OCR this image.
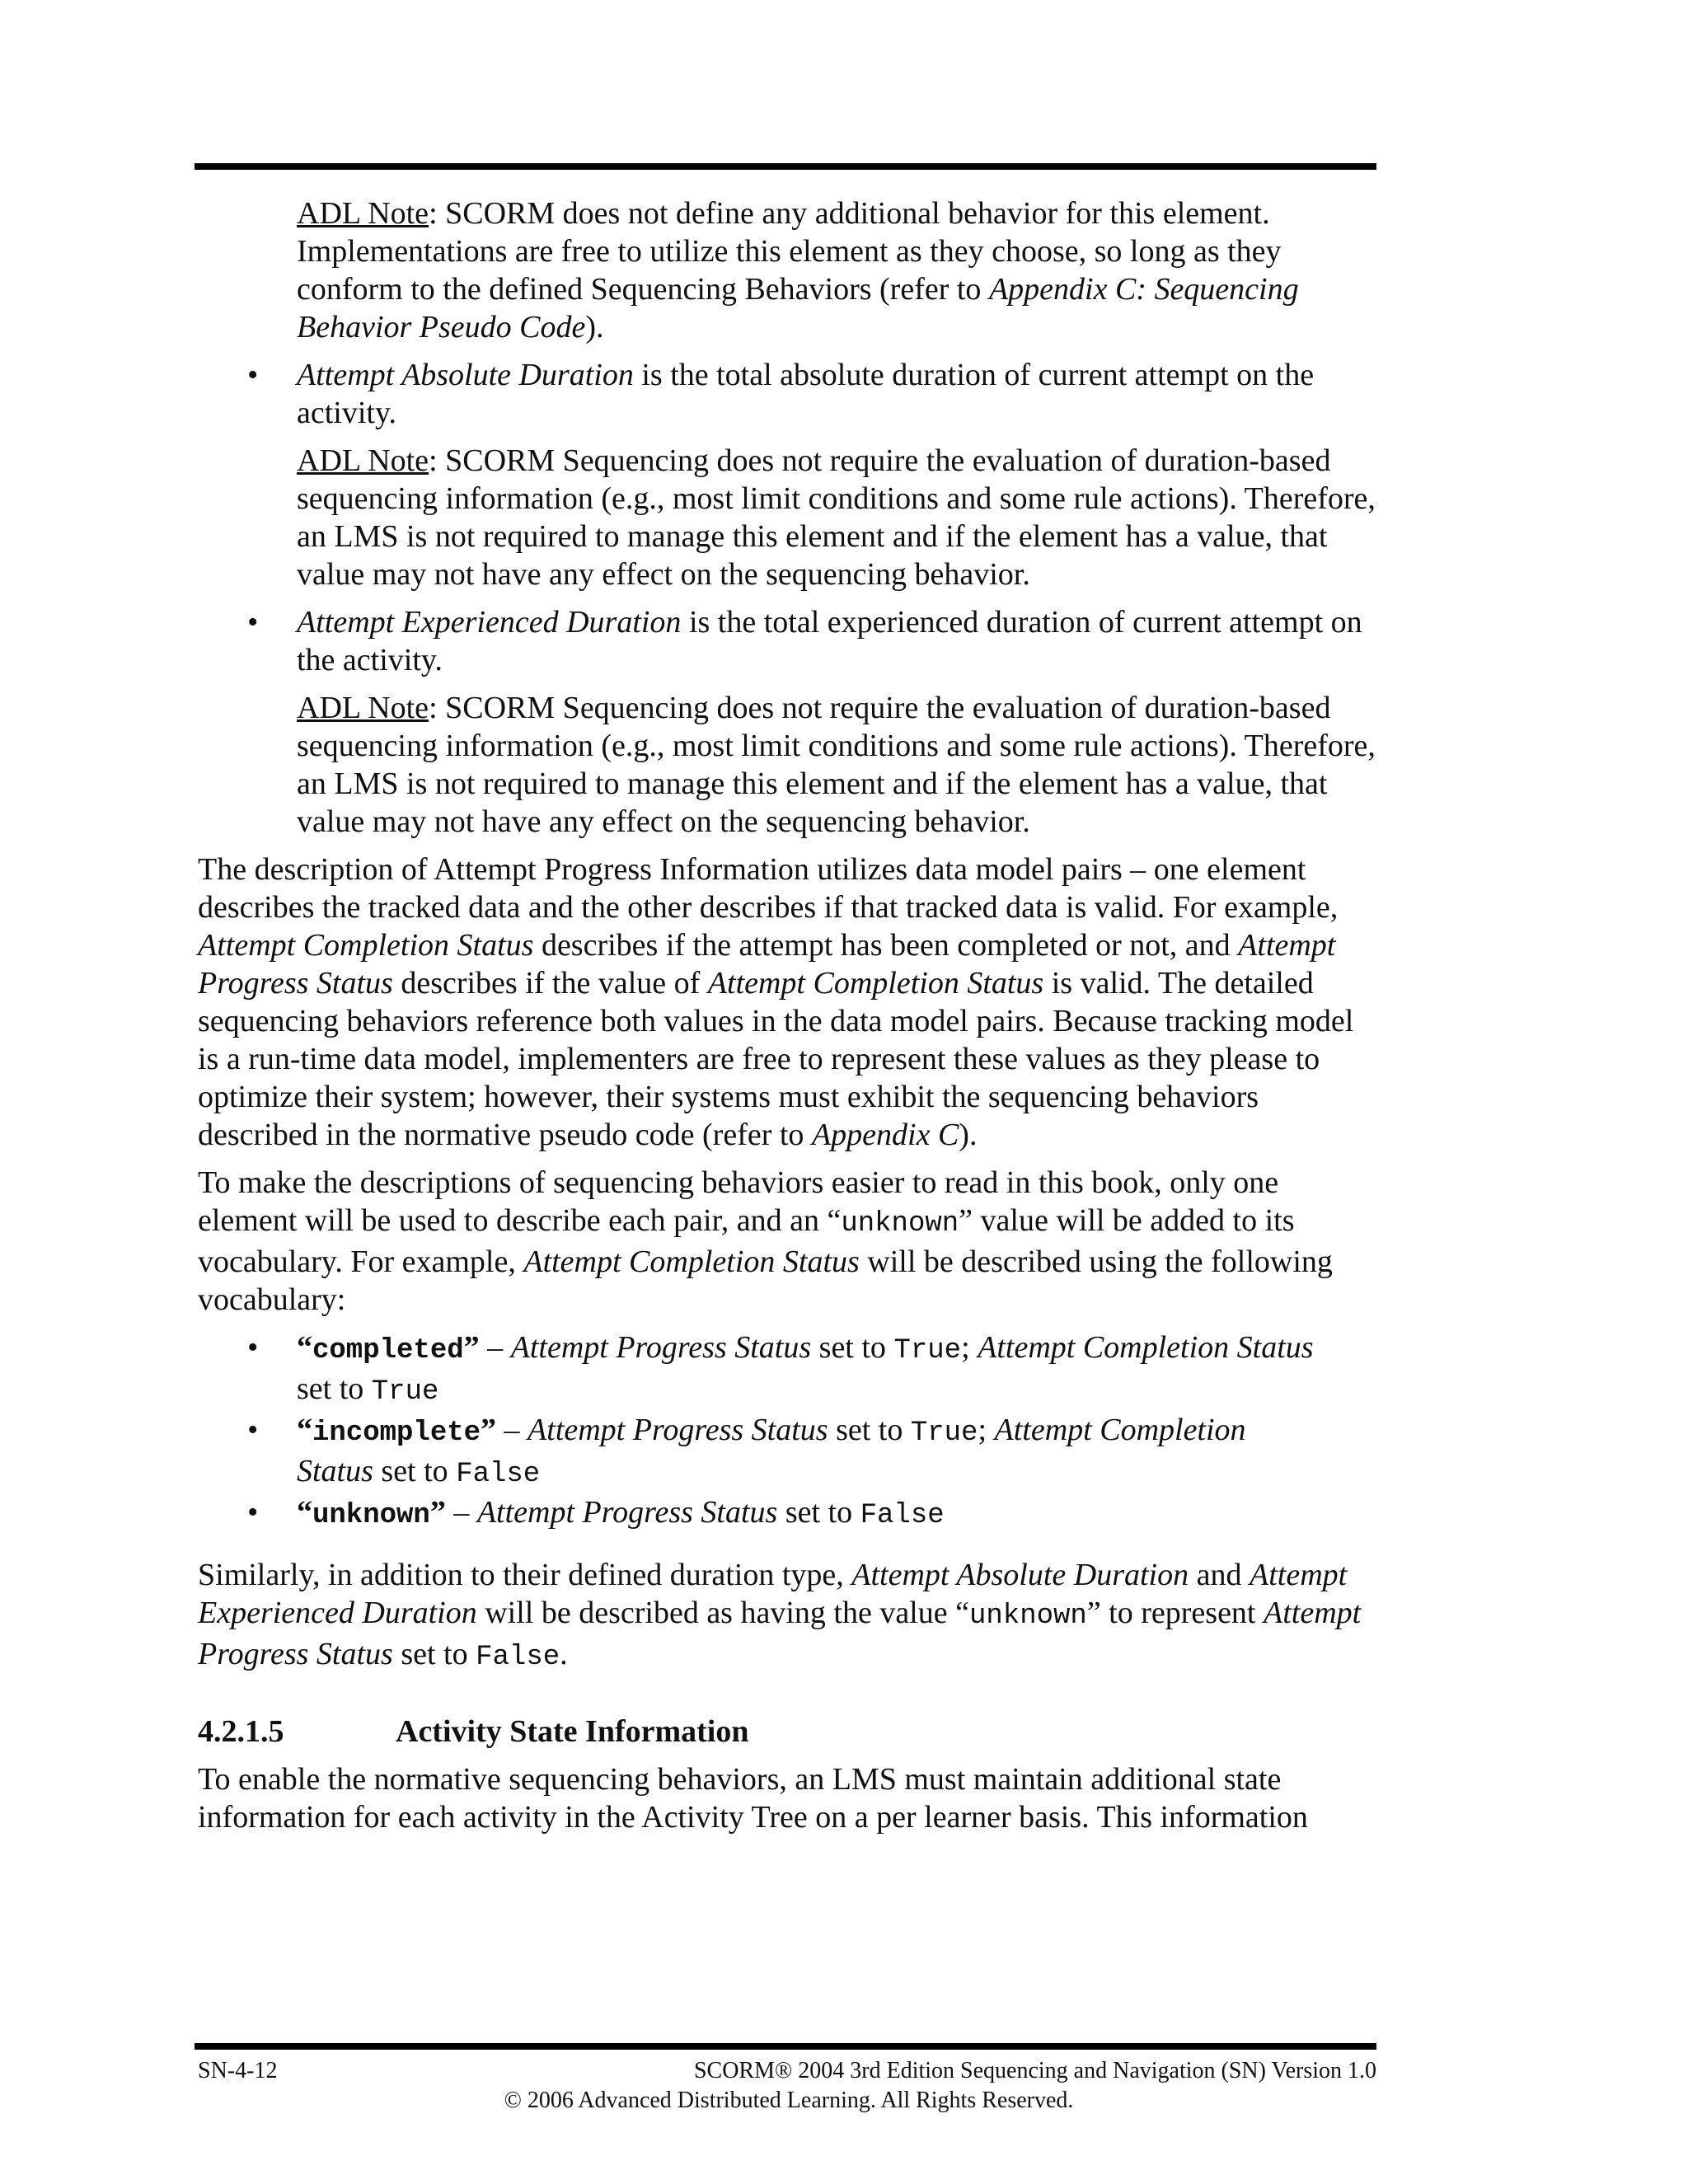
ADL Note: SCORM does not define any additional behavior for this element. Implementations are free to utilize this element as they choose, so long as they conform to the defined Sequencing Behaviors (refer to Appendix C: Sequencing Behavior Pseudo Code).

• Attempt Absolute Duration is the total absolute duration of current attempt on the activity.

ADL Note: SCORM Sequencing does not require the evaluation of duration-based sequencing information (e.g., most limit conditions and some rule actions). Therefore, an LMS is not required to manage this element and if the element has a value, that value may not have any effect on the sequencing behavior.

• Attempt Experienced Duration is the total experienced duration of current attempt on the activity.

ADL Note: SCORM Sequencing does not require the evaluation of duration-based sequencing information (e.g., most limit conditions and some rule actions). Therefore, an LMS is not required to manage this element and if the element has a value, that value may not have any effect on the sequencing behavior.

The description of Attempt Progress Information utilizes data model pairs – one element describes the tracked data and the other describes if that tracked data is valid. For example, Attempt Completion Status describes if the attempt has been completed or not, and Attempt Progress Status describes if the value of Attempt Completion Status is valid. The detailed sequencing behaviors reference both values in the data model pairs. Because tracking model is a run-time data model, implementers are free to represent these values as they please to optimize their system; however, their systems must exhibit the sequencing behaviors described in the normative pseudo code (refer to Appendix C).

To make the descriptions of sequencing behaviors easier to read in this book, only one element will be used to describe each pair, and an “unknown” value will be added to its vocabulary. For example, Attempt Completion Status will be described using the following vocabulary:

• “completed” – Attempt Progress Status set to True; Attempt Completion Status
set to True

• “incomplete” – Attempt Progress Status set to True; Attempt Completion
Status set to False

• “unknown” – Attempt Progress Status set to False

Similarly, in addition to their defined duration type, Attempt Absolute Duration and Attempt Experienced Duration will be described as having the value “unknown” to represent Attempt Progress Status set to False.

4.2.1.5	Activity State Information

To enable the normative sequencing behaviors, an LMS must maintain additional state information for each activity in the Activity Tree on a per learner basis. This information

SN-4-12	SCORM® 2004 3rd Edition Sequencing and Navigation (SN) Version 1.0
© 2006 Advanced Distributed Learning. All Rights Reserved.
